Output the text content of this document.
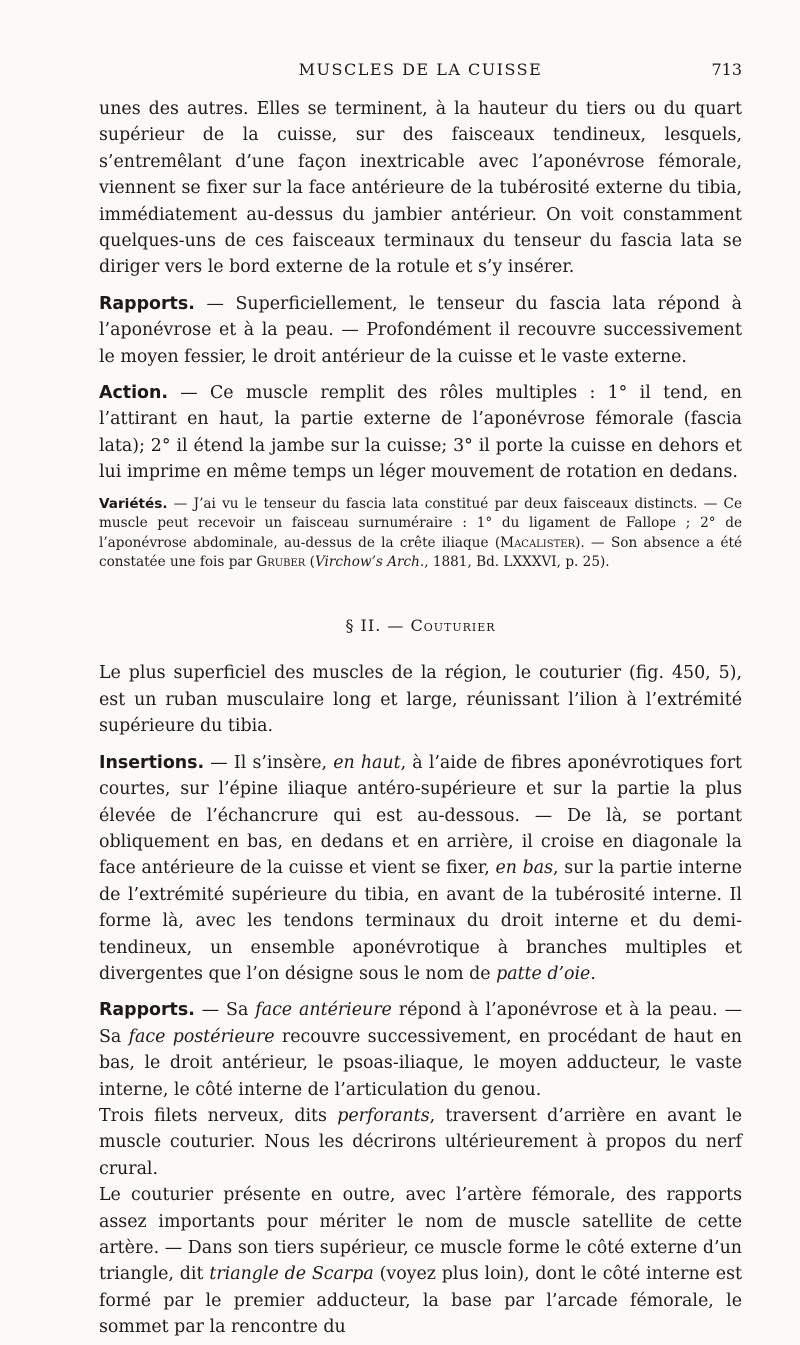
MUSCLES DE LA CUISSE	713

unes des autres. Elles se terminent, à la hauteur du tiers ou du quart supérieur de la cuisse, sur des faisceaux tendineux, lesquels, s’entremêlant d’une façon inextricable avec l’aponévrose fémorale, viennent se fixer sur la face antérieure de la tubérosité externe du tibia, immédiatement au-dessus du jambier antérieur. On voit constamment quelques-uns de ces faisceaux terminaux du tenseur du fascia lata se diriger vers le bord externe de la rotule et s’y insérer.

Rapports. — Superficiellement, le tenseur du fascia lata répond à l’aponévrose et à la peau. — Profondément il recouvre successivement le moyen fessier, le droit antérieur de la cuisse et le vaste externe.

Action. — Ce muscle remplit des rôles multiples : 1° il tend, en l’attirant en haut, la partie externe de l’aponévrose fémorale (fascia lata); 2° il étend la jambe sur la cuisse; 3° il porte la cuisse en dehors et lui imprime en même temps un léger mouvement de rotation en dedans.

Variétés. — J’ai vu le tenseur du fascia lata constitué par deux faisceaux distincts. — Ce muscle peut recevoir un faisceau surnuméraire : 1° du ligament de Fallope ; 2° de l’aponévrose abdominale, au-dessus de la crête iliaque (Macalister). — Son absence a été constatée une fois par Gruber (Virchow’s Arch., 1881, Bd. LXXXVI, p. 25).

§ II. — Couturier

Le plus superficiel des muscles de la région, le couturier (fig. 450, 5), est un ruban musculaire long et large, réunissant l’ilion à l’extrémité supérieure du tibia.

Insertions. — Il s’insère, en haut, à l’aide de fibres aponévrotiques fort courtes, sur l’épine iliaque antéro-supérieure et sur la partie la plus élevée de l’échancrure qui est au-dessous. — De là, se portant obliquement en bas, en dedans et en arrière, il croise en diagonale la face antérieure de la cuisse et vient se fixer, en bas, sur la partie interne de l’extrémité supérieure du tibia, en avant de la tubérosité interne. Il forme là, avec les tendons terminaux du droit interne et du demi-tendineux, un ensemble aponévrotique à branches multiples et divergentes que l’on désigne sous le nom de patte d’oie.

Rapports. — Sa face antérieure répond à l’aponévrose et à la peau. — Sa face postérieure recouvre successivement, en procédant de haut en bas, le droit antérieur, le psoas-iliaque, le moyen adducteur, le vaste interne, le côté interne de l’articulation du genou.

Trois filets nerveux, dits perforants, traversent d’arrière en avant le muscle couturier. Nous les décrirons ultérieurement à propos du nerf crural.

Le couturier présente en outre, avec l’artère fémorale, des rapports assez importants pour mériter le nom de muscle satellite de cette artère. — Dans son tiers supérieur, ce muscle forme le côté externe d’un triangle, dit triangle de Scarpa (voyez plus loin), dont le côté interne est formé par le premier adducteur, la base par l’arcade fémorale, le sommet par la rencontre du
